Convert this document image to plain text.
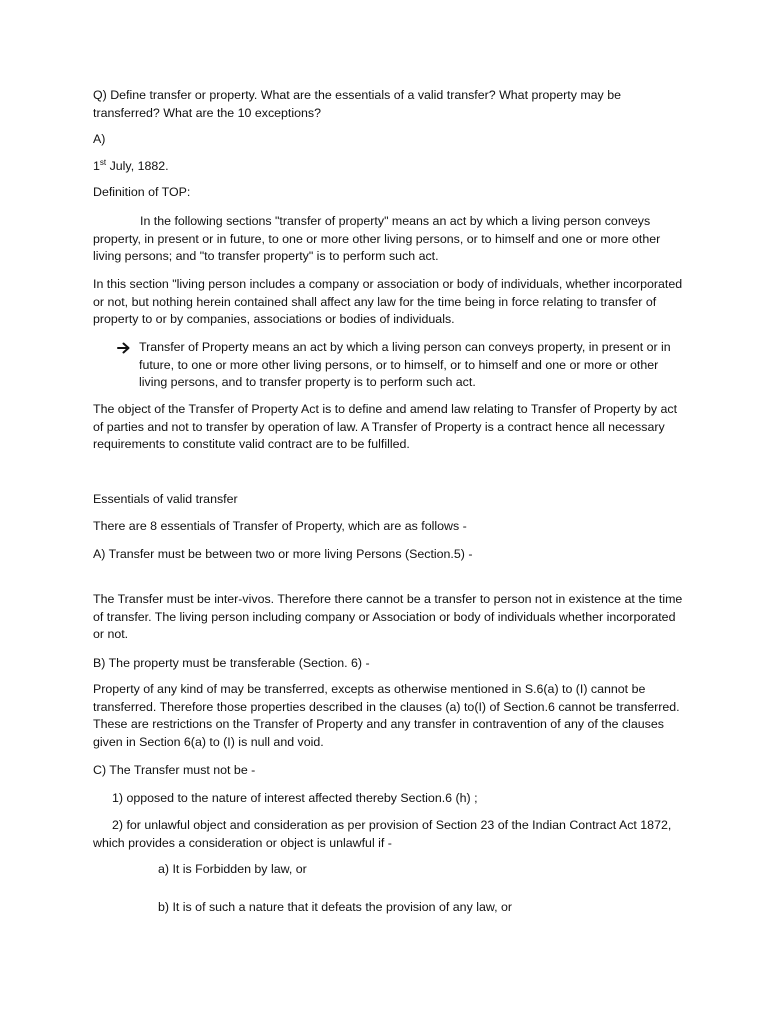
Q) Define transfer or property. What are the essentials of a valid transfer? What property may be transferred? What are the 10 exceptions?

A)

1st July, 1882.

Definition of TOP:

In the following sections "transfer of property" means an act by which a living person conveys property, in present or in future, to one or more other living persons, or to himself and one or more other living persons; and "to transfer property" is to perform such act.

In this section "living person includes a company or association or body of individuals, whether incorporated or not, but nothing herein contained shall affect any law for the time being in force relating to transfer of property to or by companies, associations or bodies of individuals.

Transfer of Property means an act by which a living person can conveys property, in present or in future, to one or more other living persons, or to himself, or to himself and one or more or other living persons, and to transfer property is to perform such act.

The object of the Transfer of Property Act is to define and amend law relating to Transfer of Property by act of parties and not to transfer by operation of law. A Transfer of Property is a contract hence all necessary requirements to constitute valid contract are to be fulfilled.

Essentials of valid transfer

There are 8 essentials of Transfer of Property, which are as follows -

A) Transfer must be between two or more living Persons (Section.5) -

The Transfer must be inter-vivos. Therefore there cannot be a transfer to person not in existence at the time of transfer. The living person including company or Association or body of individuals whether incorporated or not.

B) The property must be transferable (Section. 6) -

Property of any kind of may be transferred, excepts as otherwise mentioned in S.6(a) to (I) cannot be transferred. Therefore those properties described in the clauses (a) to(I) of Section.6 cannot be transferred. These are restrictions on the Transfer of Property and any transfer in contravention of any of the clauses given in Section 6(a) to (I) is null and void.

C) The Transfer must not be -

1) opposed to the nature of interest affected thereby Section.6 (h) ;

2) for unlawful object and consideration as per provision of Section 23 of the Indian Contract Act 1872, which provides a consideration or object is unlawful if -

a) It is Forbidden by law, or

b) It is of such a nature that it defeats the provision of any law, or
